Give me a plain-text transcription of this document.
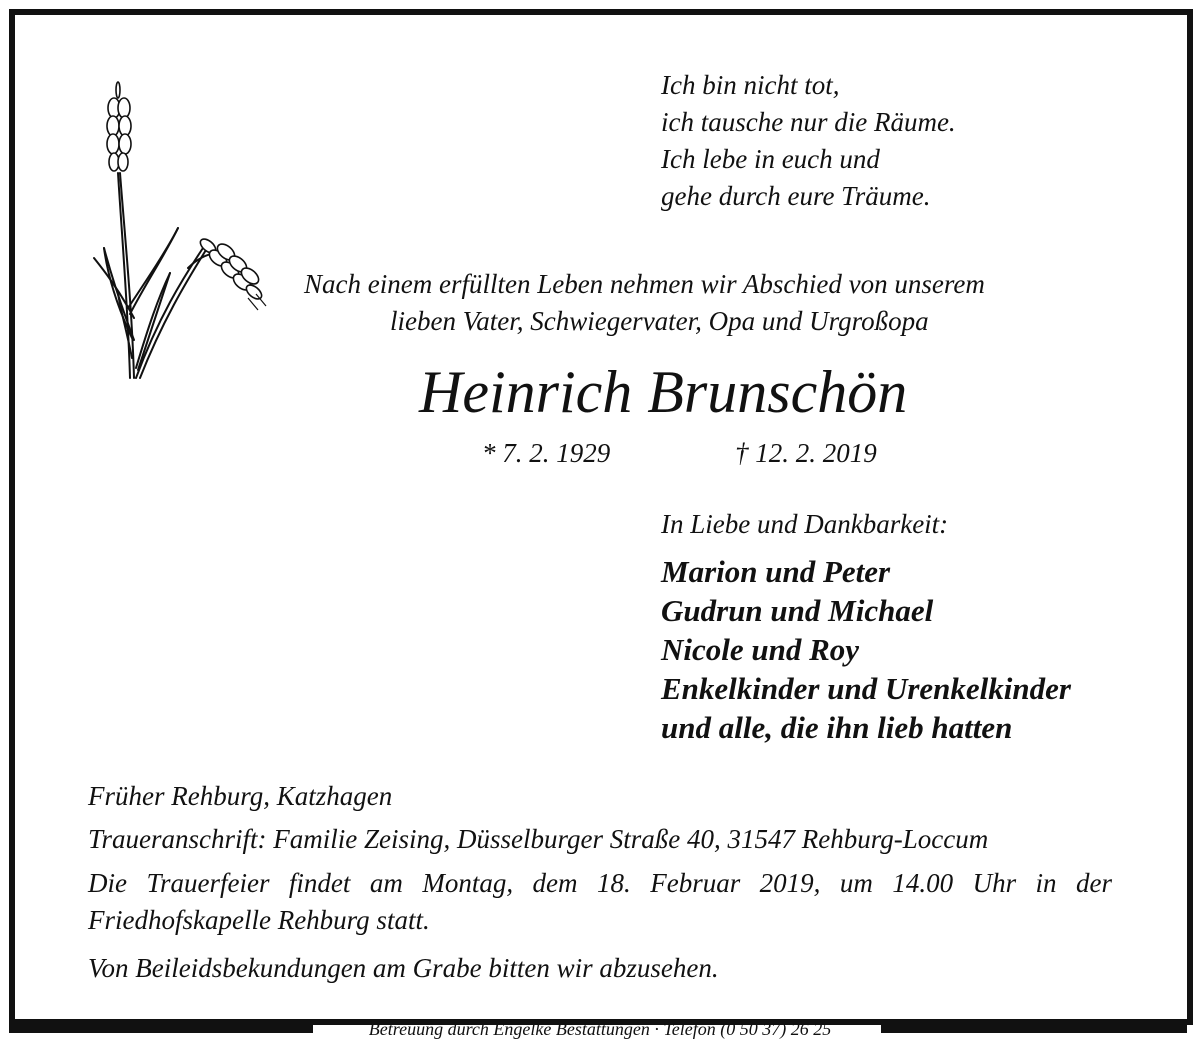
Ich bin nicht tot,
ich tausche nur die Räume.
Ich lebe in euch und
gehe durch eure Träume.
Nach einem erfüllten Leben nehmen wir Abschied von unserem
lieben Vater, Schwiegervater, Opa und Urgroßopa
Heinrich Brunschön
* 7. 2. 1929	† 12. 2. 2019
In Liebe und Dankbarkeit:
Marion und Peter
Gudrun und Michael
Nicole und Roy
Enkelkinder und Urenkelkinder
und alle, die ihn lieb hatten
Früher Rehburg, Katzhagen
Traueranschrift: Familie Zeising, Düsselburger Straße 40, 31547 Rehburg-Loccum
Die Trauerfeier findet am Montag, dem 18. Februar 2019, um 14.00 Uhr in der
Friedhofskapelle Rehburg statt.
Von Beileidsbekundungen am Grabe bitten wir abzusehen.
Betreuung durch Engelke Bestattungen · Telefon (0 50 37) 26 25
